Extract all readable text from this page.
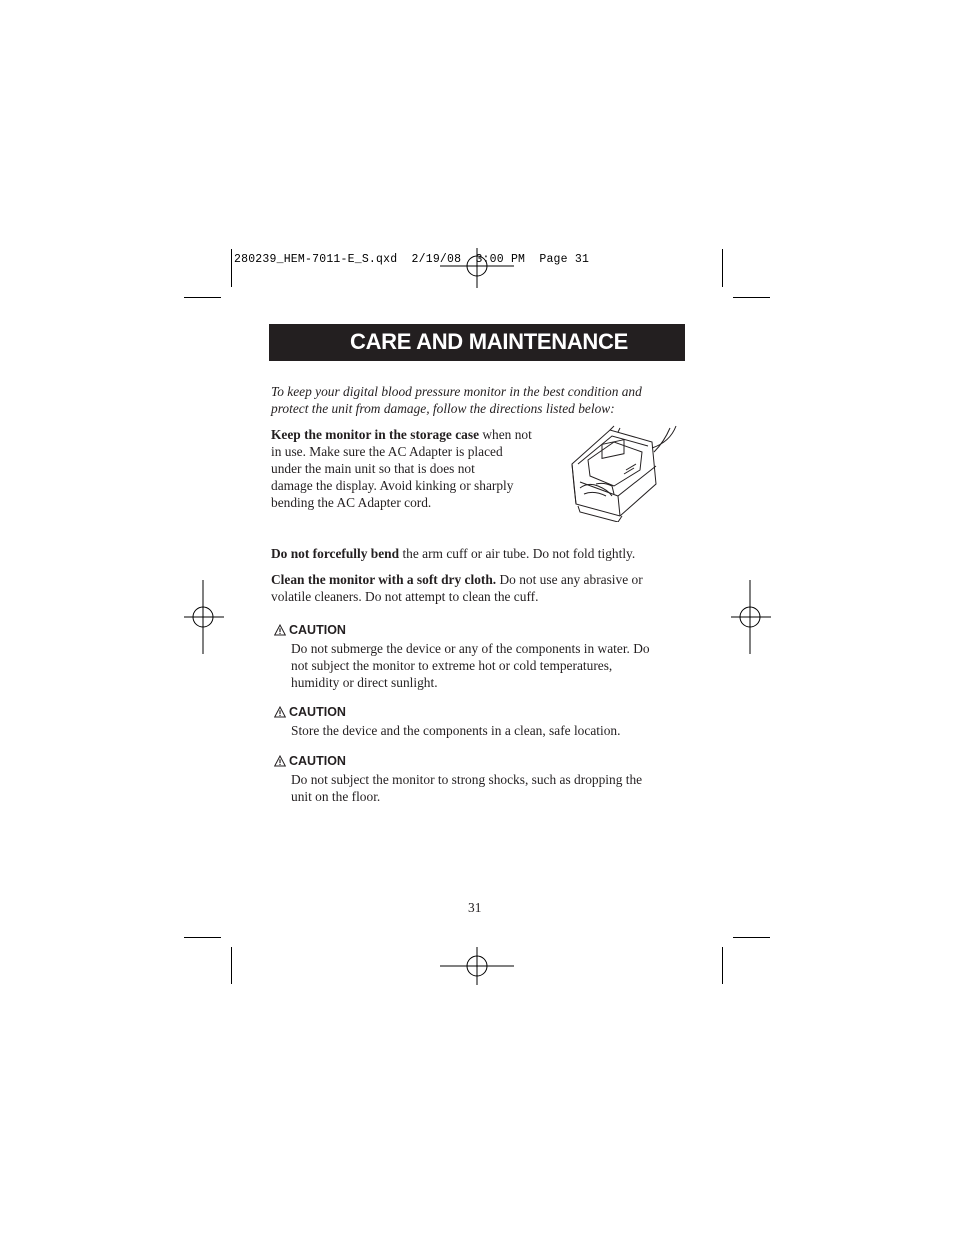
280239_HEM-7011-E_S.qxd  2/19/08  3:00 PM  Page 31
CARE AND MAINTENANCE
To keep your digital blood pressure monitor in the best condition and
protect the unit from damage, follow the directions listed below:
Keep the monitor in the storage case when not
in use. Make sure the AC Adapter is placed
under the main unit so that is does not
damage the display. Avoid kinking or sharply
bending the AC Adapter cord.
Do not forcefully bend the arm cuff or air tube. Do not fold tightly.
Clean the monitor with a soft dry cloth. Do not use any abrasive or
volatile cleaners. Do not attempt to clean the cuff.
CAUTION
Do not submerge the device or any of the components in water. Do
not subject the monitor to extreme hot or cold temperatures,
humidity or direct sunlight.
CAUTION
Store the device and the components in a clean, safe location.
CAUTION
Do not subject the monitor to strong shocks, such as dropping the
unit on the floor.
31
